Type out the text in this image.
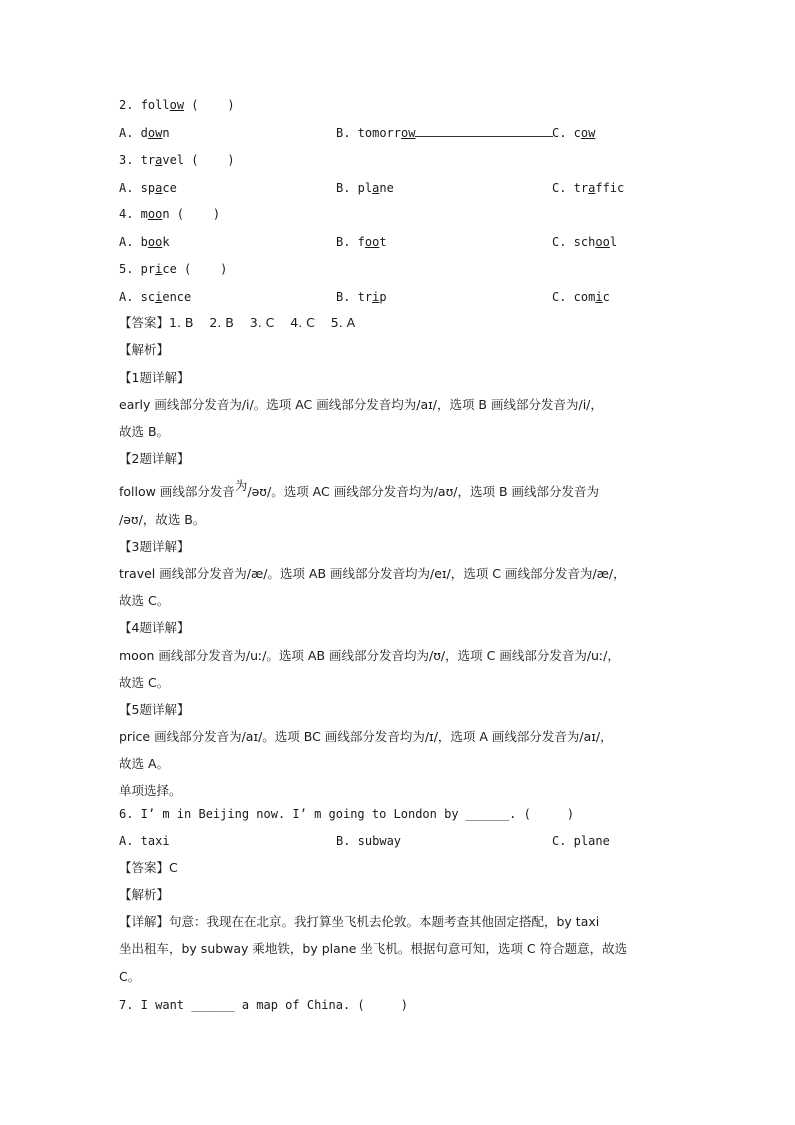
2. follow (    )
A. down	B. tomorrow	C. cow
3. travel (    )
A. space	B. plane	C. traffic
4. moon (    )
A. book	B. foot	C. school
5. price (    )
A. science	B. trip	C. comic
【答案】1. B    2. B    3. C    4. C    5. A
【解析】
【1题详解】
early 画线部分发音为/i/。选项 AC 画线部分发音均为/aɪ/，选项 B 画线部分发音为/i/，
故选 B。
【2题详解】
follow 画线部分发音为/əʊ/。选项 AC 画线部分发音均为/aʊ/，选项 B 画线部分发音为
/əʊ/，故选 B。
【3题详解】
travel 画线部分发音为/æ/。选项 AB 画线部分发音均为/eɪ/，选项 C 画线部分发音为/æ/，
故选 C。
【4题详解】
moon 画线部分发音为/uː/。选项 AB 画线部分发音均为/ʊ/，选项 C 画线部分发音为/uː/，
故选 C。
【5题详解】
price 画线部分发音为/aɪ/。选项 BC 画线部分发音均为/ɪ/，选项 A 画线部分发音为/aɪ/，
故选 A。
单项选择。
6. I’ m in Beijing now. I’ m going to London by ______. (     )
A. taxi	B. subway	C. plane
【答案】C
【解析】
【详解】句意：我现在在北京。我打算坐飞机去伦敦。本题考查其他固定搭配，by taxi
坐出租车，by subway 乘地铁，by plane 坐飞机。根据句意可知，选项 C 符合题意，故选
C。
7. I want ______ a map of China. (     )
